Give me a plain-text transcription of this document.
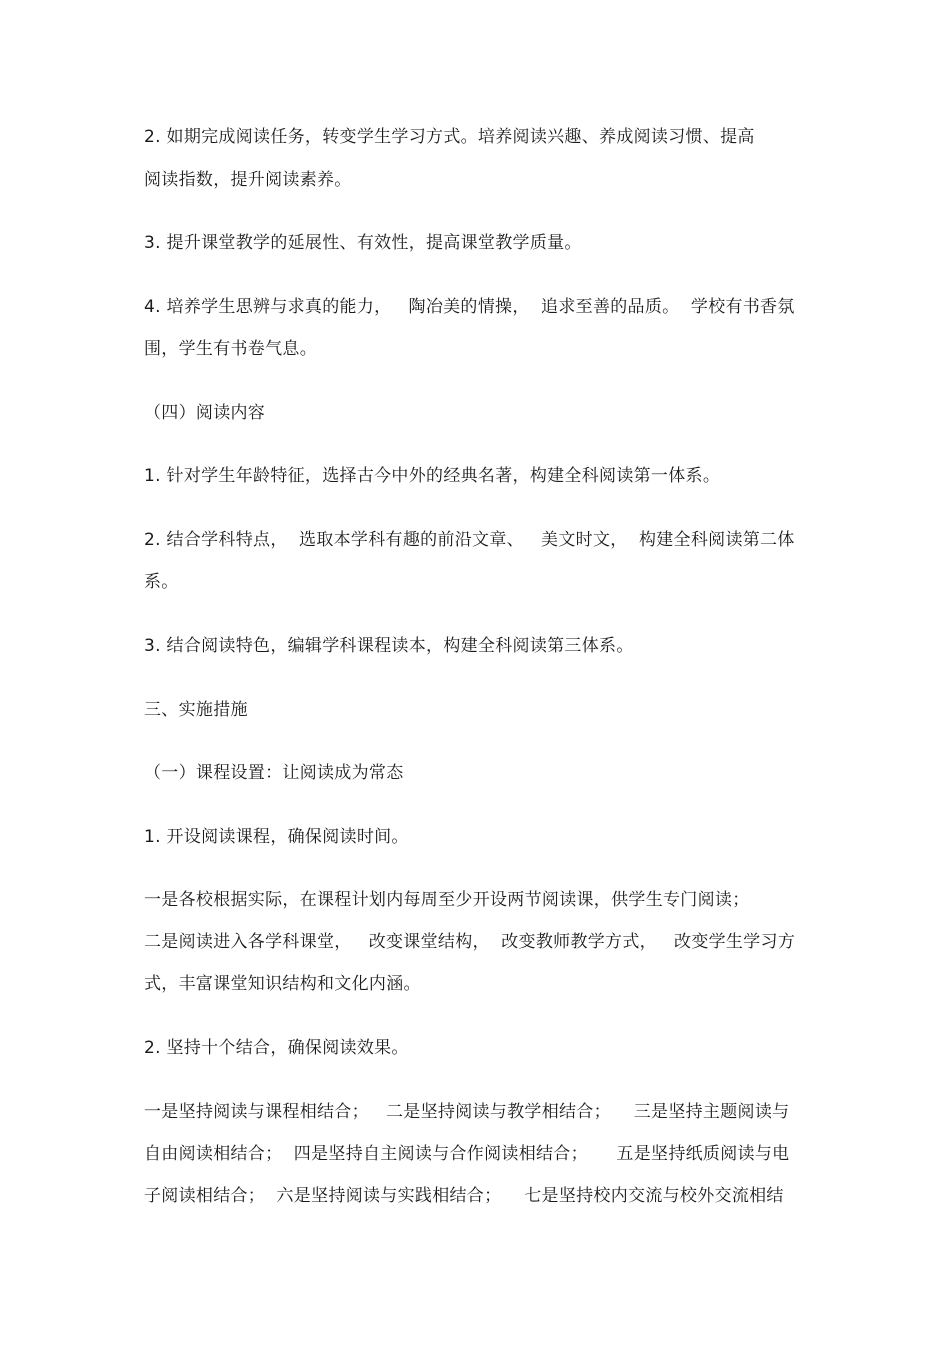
2. 如期完成阅读任务，转变学生学习方式。培养阅读兴趣、养成阅读习惯、提高
阅读指数，提升阅读素养。
3. 提升课堂教学的延展性、有效性，提高课堂教学质量。
4. 培养学生思辨与求真的能力，   陶冶美的情操，  追求至善的品质。  学校有书香氛
围，学生有书卷气息。
（四）阅读内容
1. 针对学生年龄特征，选择古今中外的经典名著，构建全科阅读第一体系。
2. 结合学科特点，  选取本学科有趣的前沿文章、   美文时文，  构建全科阅读第二体
系。
3. 结合阅读特色，编辑学科课程读本，构建全科阅读第三体系。
三、实施措施
（一）课程设置：让阅读成为常态
1. 开设阅读课程，确保阅读时间。
一是各校根据实际，在课程计划内每周至少开设两节阅读课，供学生专门阅读；
二是阅读进入各学科课堂，   改变课堂结构，  改变教师教学方式，   改变学生学习方
式，丰富课堂知识结构和文化内涵。
2. 坚持十个结合，确保阅读效果。
一是坚持阅读与课程相结合；   二是坚持阅读与教学相结合；    三是坚持主题阅读与
自由阅读相结合；  四是坚持自主阅读与合作阅读相结合；     五是坚持纸质阅读与电
子阅读相结合；  六是坚持阅读与实践相结合；    七是坚持校内交流与校外交流相结
